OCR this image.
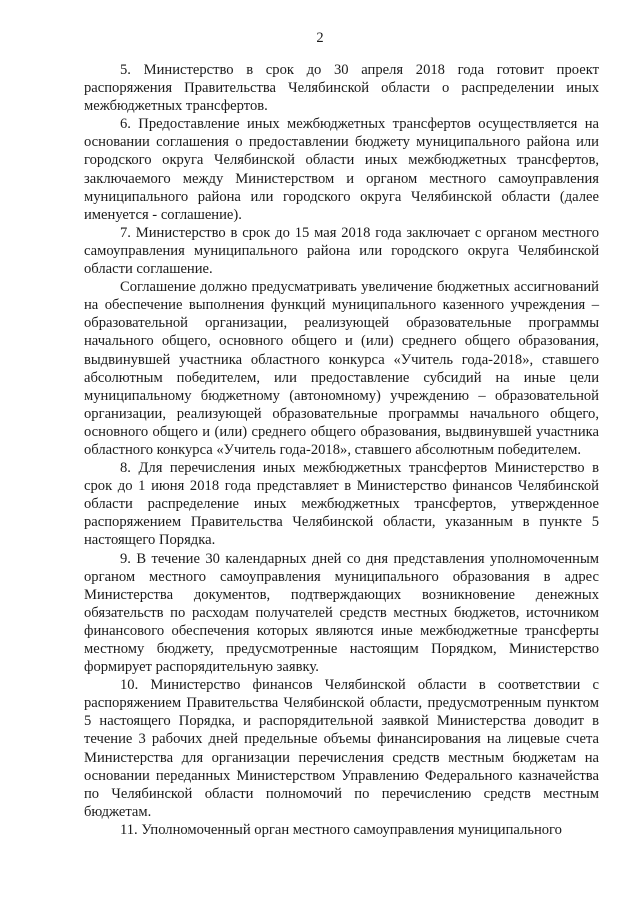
2

5. Министерство в срок до 30 апреля 2018 года готовит проект распоряжения Правительства Челябинской области о распределении иных межбюджетных трансфертов.

6. Предоставление иных межбюджетных трансфертов осуществляется на основании соглашения о предоставлении бюджету муниципального района или городского округа Челябинской области иных межбюджетных трансфертов, заключаемого между Министерством и органом местного самоуправления муниципального района или городского округа Челябинской области (далее именуется - соглашение).

7. Министерство в срок до 15 мая 2018 года заключает с органом местного самоуправления муниципального района или городского округа Челябинской области соглашение.

Соглашение должно предусматривать увеличение бюджетных ассигнований на обеспечение выполнения функций муниципального казенного учреждения – образовательной организации, реализующей образовательные программы начального общего, основного общего и (или) среднего общего образования, выдвинувшей участника областного конкурса «Учитель года-2018», ставшего абсолютным победителем, или предоставление субсидий на иные цели муниципальному бюджетному (автономному) учреждению – образовательной организации, реализующей образовательные программы начального общего, основного общего и (или) среднего общего образования, выдвинувшей участника областного конкурса «Учитель года-2018», ставшего абсолютным победителем.

8. Для перечисления иных межбюджетных трансфертов Министерство в срок до 1 июня 2018 года представляет в Министерство финансов Челябинской области распределение иных межбюджетных трансфертов, утвержденное распоряжением Правительства Челябинской области, указанным в пункте 5 настоящего Порядка.

9. В течение 30 календарных дней со дня представления уполномоченным органом местного самоуправления муниципального образования в адрес Министерства документов, подтверждающих возникновение денежных обязательств по расходам получателей средств местных бюджетов, источником финансового обеспечения которых являются иные межбюджетные трансферты местному бюджету, предусмотренные настоящим Порядком, Министерство формирует распорядительную заявку.

10. Министерство финансов Челябинской области в соответствии с распоряжением Правительства Челябинской области, предусмотренным пунктом 5 настоящего Порядка, и распорядительной заявкой Министерства доводит в течение 3 рабочих дней предельные объемы финансирования на лицевые счета Министерства для организации перечисления средств местным бюджетам на основании переданных Министерством Управлению Федерального казначейства по Челябинской области полномочий по перечислению средств местным бюджетам.

11. Уполномоченный орган местного самоуправления муниципального
